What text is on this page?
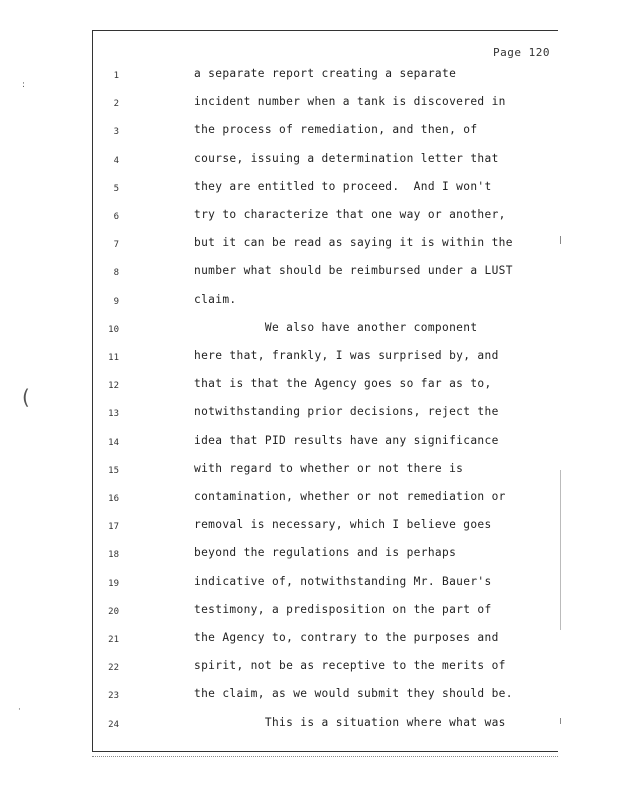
Page 120
1	a separate report creating a separate
2	incident number when a tank is discovered in
3	the process of remediation, and then, of
4	course, issuing a determination letter that
5	they are entitled to proceed.  And I won't
6	try to characterize that one way or another,
7	but it can be read as saying it is within the
8	number what should be reimbursed under a LUST
9	claim.
10	We also have another component
11	here that, frankly, I was surprised by, and
12	that is that the Agency goes so far as to,
13	notwithstanding prior decisions, reject the
14	idea that PID results have any significance
15	with regard to whether or not there is
16	contamination, whether or not remediation or
17	removal is necessary, which I believe goes
18	beyond the regulations and is perhaps
19	indicative of, notwithstanding Mr. Bauer's
20	testimony, a predisposition on the part of
21	the Agency to, contrary to the purposes and
22	spirit, not be as receptive to the merits of
23	the claim, as we would submit they should be.
24	This is a situation where what was
:
(
·
